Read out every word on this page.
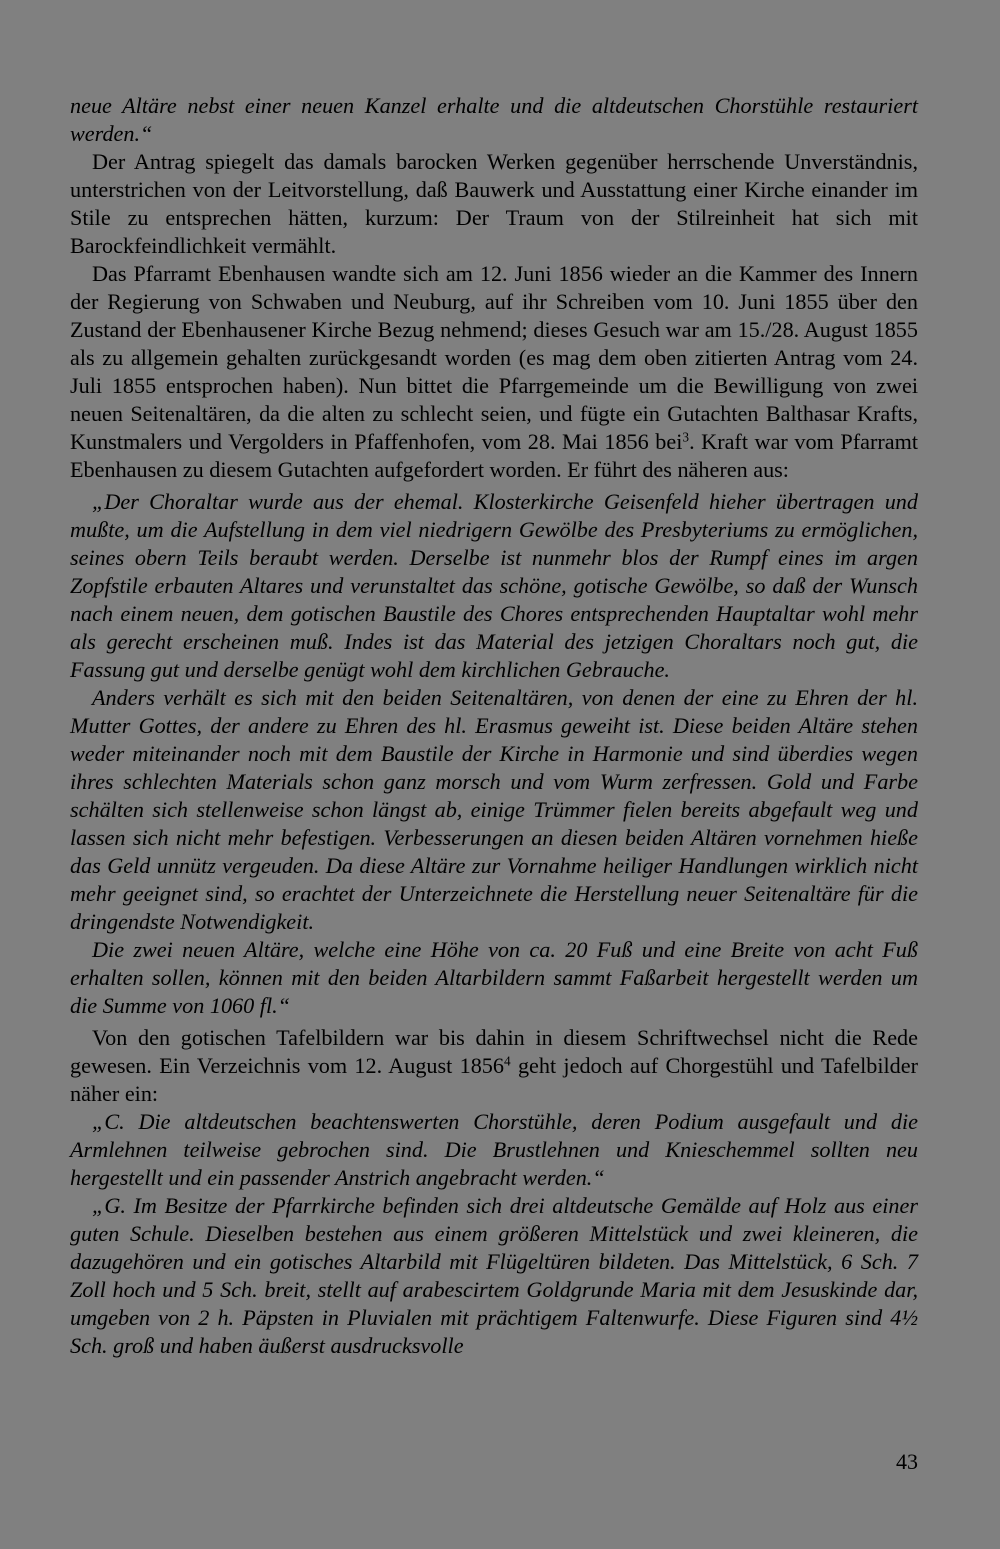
neue Altäre nebst einer neuen Kanzel erhalte und die altdeutschen Chorstühle restauriert werden.“

Der Antrag spiegelt das damals barocken Werken gegenüber herrschende Unverständnis, unterstrichen von der Leitvorstellung, daß Bauwerk und Ausstattung einer Kirche einander im Stile zu entsprechen hätten, kurzum: Der Traum von der Stilreinheit hat sich mit Barockfeindlichkeit vermählt.

Das Pfarramt Ebenhausen wandte sich am 12. Juni 1856 wieder an die Kammer des Innern der Regierung von Schwaben und Neuburg, auf ihr Schreiben vom 10. Juni 1855 über den Zustand der Ebenhausener Kirche Bezug nehmend; dieses Gesuch war am 15./28. August 1855 als zu allgemein gehalten zurückgesandt worden (es mag dem oben zitierten Antrag vom 24. Juli 1855 entsprochen haben). Nun bittet die Pfarrgemeinde um die Bewilligung von zwei neuen Seitenaltären, da die alten zu schlecht seien, und fügte ein Gutachten Balthasar Krafts, Kunstmalers und Vergolders in Pfaffenhofen, vom 28. Mai 1856 bei$^3$. Kraft war vom Pfarramt Ebenhausen zu diesem Gutachten aufgefordert worden. Er führt des näheren aus:

„Der Choraltar wurde aus der ehemal. Klosterkirche Geisenfeld hieher übertragen und mußte, um die Aufstellung in dem viel niedrigern Gewölbe des Presbyteriums zu ermöglichen, seines obern Teils beraubt werden. Derselbe ist nunmehr blos der Rumpf eines im argen Zopfstile erbauten Altares und verunstaltet das schöne, gotische Gewölbe, so daß der Wunsch nach einem neuen, dem gotischen Baustile des Chores entsprechenden Hauptaltar wohl mehr als gerecht erscheinen muß. Indes ist das Material des jetzigen Choraltars noch gut, die Fassung gut und derselbe genügt wohl dem kirchlichen Gebrauche.

Anders verhält es sich mit den beiden Seitenaltären, von denen der eine zu Ehren der hl. Mutter Gottes, der andere zu Ehren des hl. Erasmus geweiht ist. Diese beiden Altäre stehen weder miteinander noch mit dem Baustile der Kirche in Harmonie und sind überdies wegen ihres schlechten Materials schon ganz morsch und vom Wurm zerfressen. Gold und Farbe schälten sich stellenweise schon längst ab, einige Trümmer fielen bereits abgefault weg und lassen sich nicht mehr befestigen. Verbesserungen an diesen beiden Altären vornehmen hieße das Geld unnütz vergeuden. Da diese Altäre zur Vornahme heiliger Handlungen wirklich nicht mehr geeignet sind, so erachtet der Unterzeichnete die Herstellung neuer Seitenaltäre für die dringendste Notwendigkeit.

Die zwei neuen Altäre, welche eine Höhe von ca. 20 Fuß und eine Breite von acht Fuß erhalten sollen, können mit den beiden Altarbildern sammt Faßarbeit hergestellt werden um die Summe von 1060 fl.“

Von den gotischen Tafelbildern war bis dahin in diesem Schriftwechsel nicht die Rede gewesen. Ein Verzeichnis vom 12. August 1856$^4$ geht jedoch auf Chorgestühl und Tafelbilder näher ein:

„C. Die altdeutschen beachtenswerten Chorstühle, deren Podium ausgefault und die Armlehnen teilweise gebrochen sind. Die Brustlehnen und Knieschemmel sollten neu hergestellt und ein passender Anstrich angebracht werden.“

„G. Im Besitze der Pfarrkirche befinden sich drei altdeutsche Gemälde auf Holz aus einer guten Schule. Dieselben bestehen aus einem größeren Mittelstück und zwei kleineren, die dazugehören und ein gotisches Altarbild mit Flügeltüren bildeten. Das Mittelstück, 6 Sch. 7 Zoll hoch und 5 Sch. breit, stellt auf arabescirtem Goldgrunde Maria mit dem Jesuskinde dar, umgeben von 2 h. Päpsten in Pluvialen mit prächtigem Faltenwurfe. Diese Figuren sind 4½ Sch. groß und haben äußerst ausdrucksvolle

43
